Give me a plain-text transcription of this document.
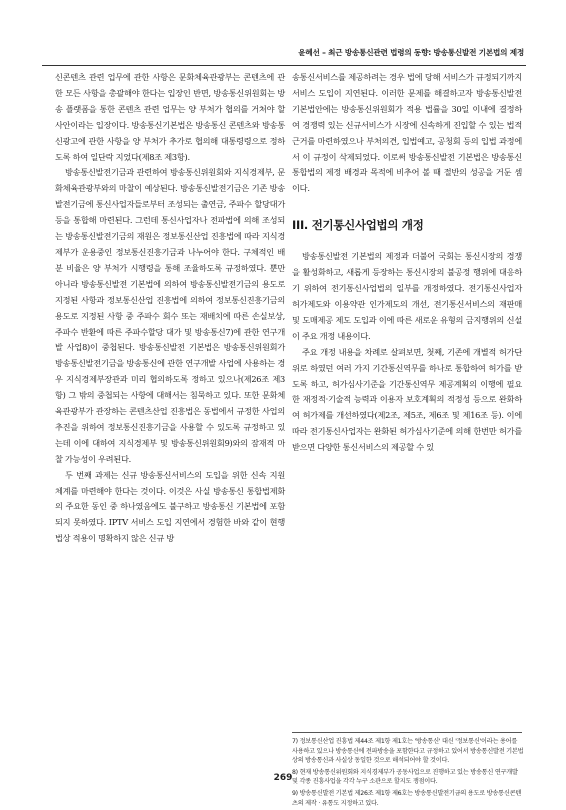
윤혜선 – 최근 방송통신관련 법령의 동향: 방송통신발전 기본법의 제정

신콘텐츠 관련 업무에 관한 사항은 문화체육관광부는 콘텐츠에 관한 모든 사항을 총괄해야 한다는 입장인 반면, 방송통신위원회는 방송 플랫폼을 통한 콘텐츠 관련 업무는 양 부처가 협의를 거쳐야 할 사안이라는 입장이다. 방송통신기본법은 방송통신 콘텐츠와 방송통신광고에 관한 사항을 양 부처가 추가로 협의해 대통령령으로 정하도록 하여 일단락 지었다(제8조 제3항).

방송통신발전기금과 관련하여 방송통신위원회와 지식경제부, 문화체육관광부와의 마찰이 예상된다. 방송통신발전기금은 기존 방송발전기금에 통신사업자들로부터 조성되는 출연금, 주파수 할당대가 등을 통합해 마련된다. 그런데 통신사업자나 전파법에 의해 조성되는 방송통신발전기금의 재원은 정보통신산업 진흥법에 따라 지식경제부가 운용중인 정보통신진흥기금과 나누어야 한다. 구체적인 배분 비율은 양 부처가 시행령을 통해 조율하도록 규정하였다. 뿐만 아니라 방송통신발전 기본법에 의하여 방송통신발전기금의 용도로 지정된 사항과 정보통신산업 진흥법에 의하여 정보통신진흥기금의 용도로 지정된 사항 중 주파수 회수 또는 재배치에 따른 손실보상, 주파수 반환에 따른 주파수할당 대가 및 방송통신7)에 관한 연구개발 사업8)이 중첩된다. 방송통신발전 기본법은 방송통신위원회가 방송통신발전기금을 방송통신에 관한 연구개발 사업에 사용하는 경우 지식경제부장관과 미리 협의하도록 정하고 있으나(제26조 제3항) 그 밖의 중첩되는 사항에 대해서는 침묵하고 있다. 또한 문화체육관광부가 관장하는 콘텐츠산업 진흥법은 동법에서 규정한 사업의 추진을 위하여 정보통신진흥기금을 사용할 수 있도록 규정하고 있는데 이에 대하여 지식경제부 및 방송통신위원회9)와의 잠재적 마찰 가능성이 우려된다.

두 번째 과제는 신규 방송통신서비스의 도입을 위한 신속 지원 체계를 마련해야 한다는 것이다. 이것은 사실 방송통신 통합법제화의 주요한 동인 중 하나였음에도 불구하고 방송통신 기본법에 포함되지 못하였다. IPTV 서비스 도입 지연에서 경험한 바와 같이 현행법상 적용이 명확하지 않은 신규 방

송통신서비스를 제공하려는 경우 법에 당해 서비스가 규정되기까지 서비스 도입이 지연된다. 이러한 문제를 해결하고자 방송통신발전 기본법안에는 방송통신위원회가 적용 법률을 30일 이내에 결정하여 경쟁력 있는 신규서비스가 시장에 신속하게 진입할 수 있는 법적 근거를 마련하였으나 부처의견, 입법예고, 공청회 등의 입법 과정에서 이 규정이 삭제되었다. 이로써 방송통신발전 기본법은 방송통신 통합법의 제정 배경과 목적에 비추어 볼 때 절반의 성공을 거둔 셈이다.

III. 전기통신사업법의 개정

방송통신발전 기본법의 제정과 더불어 국회는 통신시장의 경쟁을 활성화하고, 새롭게 등장하는 통신시장의 불공정 행위에 대응하기 위하여 전기통신사업법의 일부를 개정하였다. 전기통신사업자 허가제도와 이용약관 인가제도의 개선, 전기통신서비스의 재판매 및 도매제공 제도 도입과 이에 따른 새로운 유형의 금지행위의 신설이 주요 개정 내용이다.

주요 개정 내용을 차례로 살펴보면, 첫째, 기존에 개별적 허가단위로 하였던 여러 가지 기간통신역무를 하나로 통합하여 허가를 받도록 하고, 허가심사기준을 기간통신역무 제공계획의 이행에 필요한 재정적·기술적 능력과 이용자 보호계획의 적정성 등으로 완화하여 허가제를 개선하였다(제2조, 제5조, 제6조 및 제16조 등). 이에 따라 전기통신사업자는 완화된 허가심사기준에 의해 한번만 허가를 받으면 다양한 통신서비스의 제공할 수 있

7) 정보통신산업 진흥법 제44조 제1항 제1호는 '방송통신' 대신 '정보통신'이라는 용어를 사용하고 있으나 방송통신에 전파방송을 포함한다고 규정하고 있어서 방송통신발전 기본법상의 방송통신과 사실상 동일한 것으로 해석되어야 할 것이다.

8) 현재 방송통신위원회와 지식경제부가 공동사업으로 진행하고 있는 방송통신 연구개발 및 각종 진흥사업을 각각 누구 소관으로 할지도 쟁점이다.

9) 방송통신발전 기본법 제26조 제1항 제6호는 방송통신발전기금의 용도로 방송통신콘텐츠의 제작 · 유통도 지정하고 있다.

269
